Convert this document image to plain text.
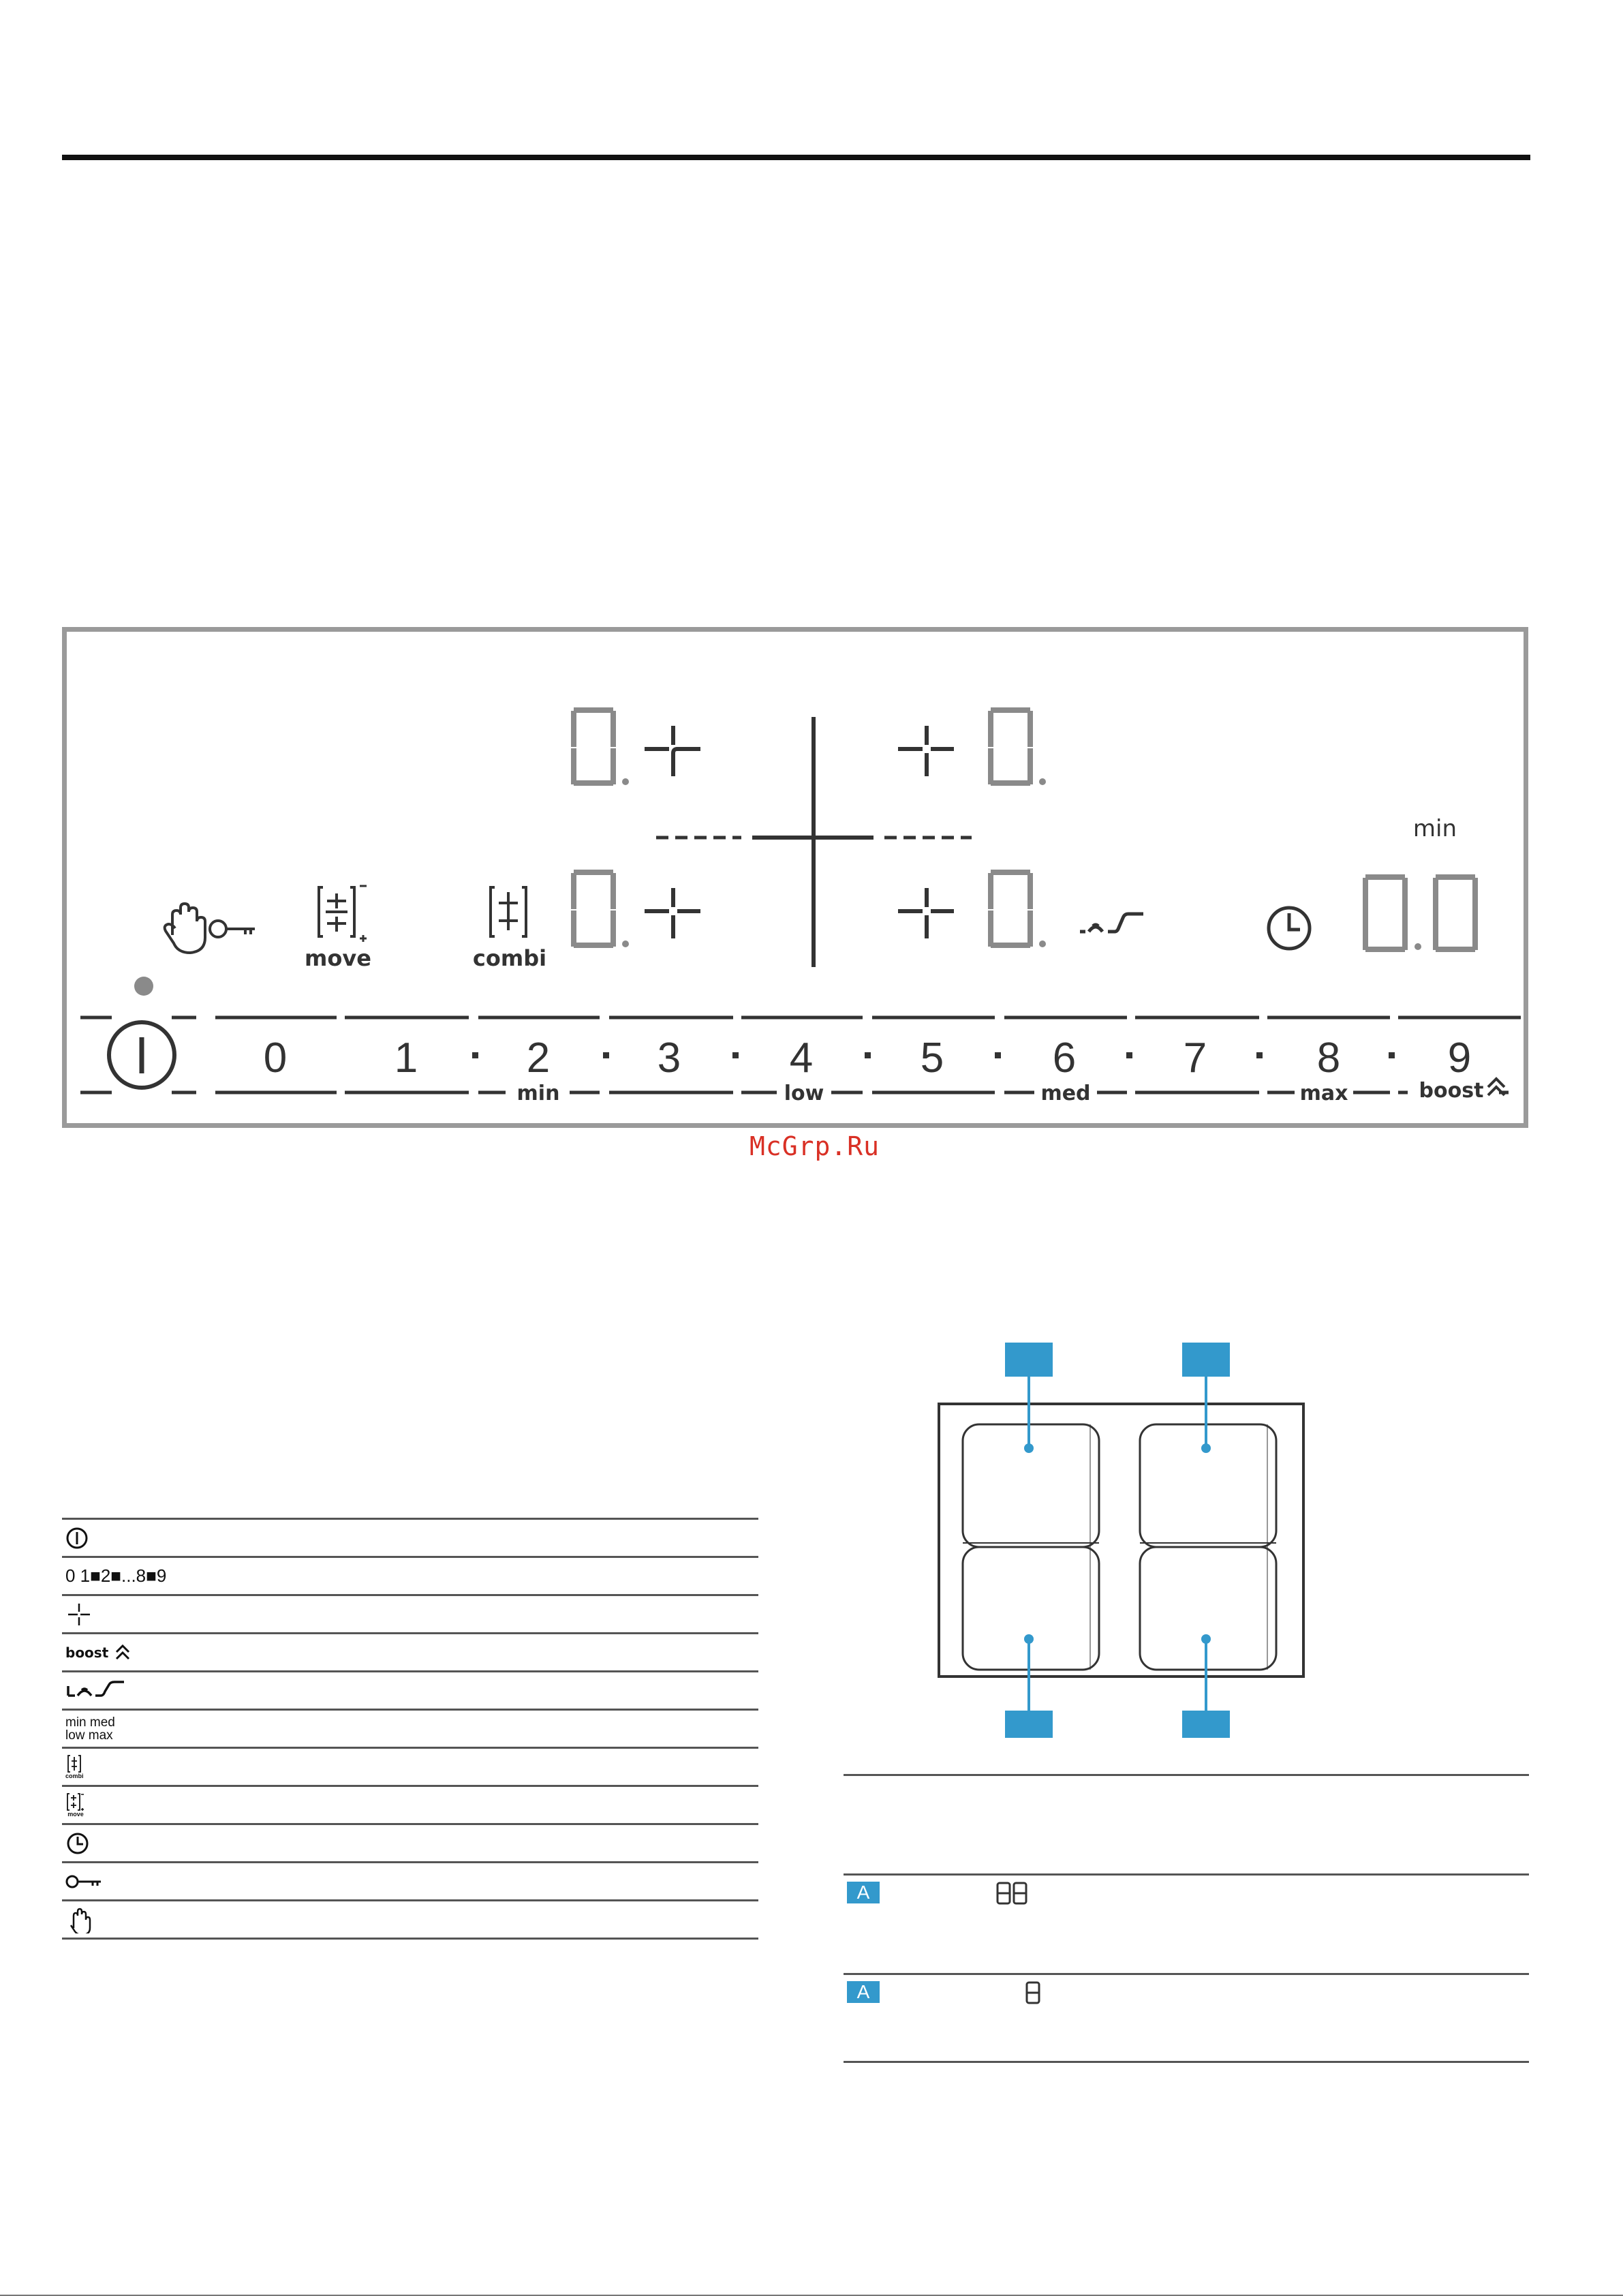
min
move	combi
0	1	2	3	4	5	6	7	8	9
min	low	med	max	boost
McGrp.Ru
0 1■2■...8■9
boost
min med
low max
combi
move
A
A
